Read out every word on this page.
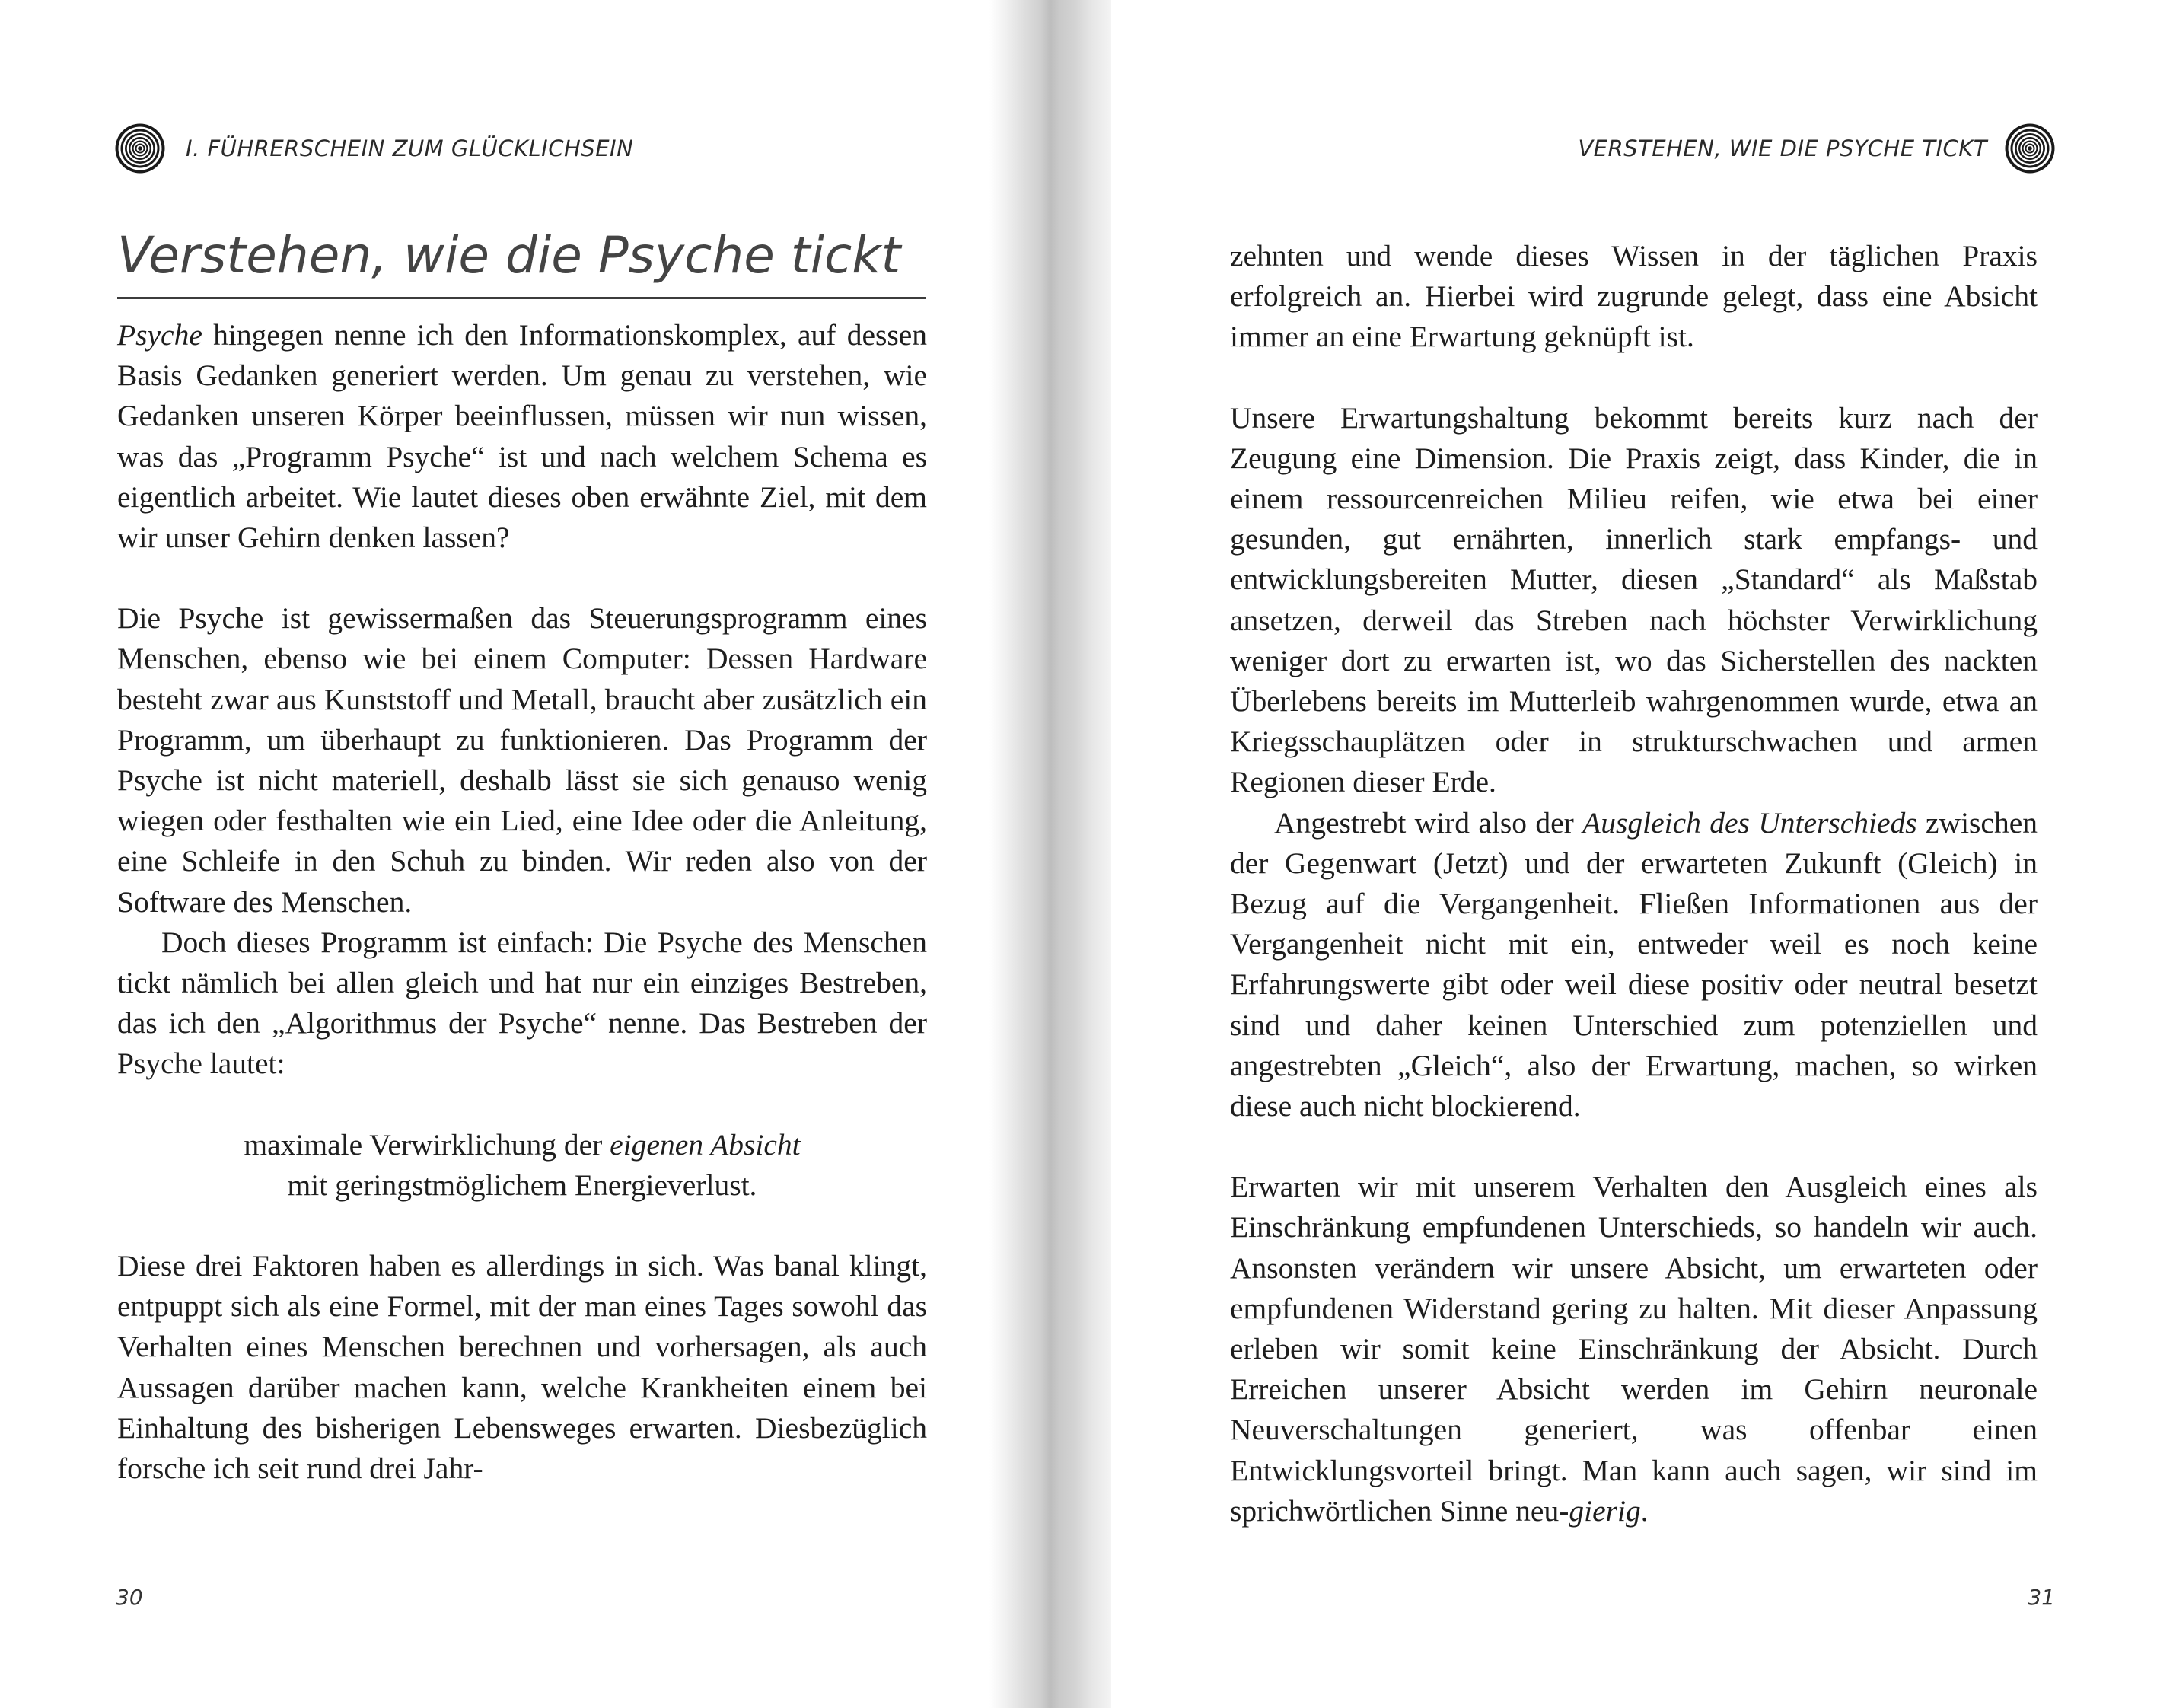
I. FÜHRERSCHEIN ZUM GLÜCKLICHSEIN
Verstehen, wie die Psyche tickt

Psyche hingegen nenne ich den Informationskomplex, auf dessen Basis Gedanken generiert werden. Um genau zu verstehen, wie Gedanken unseren Körper beeinflussen, müssen wir nun wissen, was das „Programm Psyche“ ist und nach welchem Schema es eigentlich arbeitet. Wie lautet dieses oben erwähnte Ziel, mit dem wir unser Gehirn denken lassen?

Die Psyche ist gewissermaßen das Steuerungsprogramm eines Menschen, ebenso wie bei einem Computer: Dessen Hardware besteht zwar aus Kunststoff und Metall, braucht aber zusätzlich ein Programm, um überhaupt zu funktionieren. Das Programm der Psyche ist nicht materiell, deshalb lässt sie sich genauso wenig wiegen oder festhalten wie ein Lied, eine Idee oder die Anleitung, eine Schleife in den Schuh zu binden. Wir reden also von der Software des Menschen.

Doch dieses Programm ist einfach: Die Psyche des Menschen tickt nämlich bei allen gleich und hat nur ein einziges Bestreben, das ich den „Algorithmus der Psyche“ nenne. Das Bestreben der Psyche lautet:

maximale Verwirklichung der eigenen Absicht

mit geringstmöglichem Energieverlust.

Diese drei Faktoren haben es allerdings in sich. Was banal klingt, entpuppt sich als eine Formel, mit der man eines Tages sowohl das Verhalten eines Menschen berechnen und vorhersagen, als auch Aussagen darüber machen kann, welche Krankheiten einem bei Einhaltung des bisherigen Lebensweges erwarten. Diesbezüglich forsche ich seit rund drei Jahr-

30
VERSTEHEN, WIE DIE PSYCHE TICKT

zehnten und wende dieses Wissen in der täglichen Praxis erfolgreich an. Hierbei wird zugrunde gelegt, dass eine Absicht immer an eine Erwartung geknüpft ist.

Unsere Erwartungshaltung bekommt bereits kurz nach der Zeugung eine Dimension. Die Praxis zeigt, dass Kinder, die in einem ressourcenreichen Milieu reifen, wie etwa bei einer gesunden, gut ernährten, innerlich stark empfangs- und entwicklungsbereiten Mutter, diesen „Standard“ als Maßstab ansetzen, derweil das Streben nach höchster Verwirklichung weniger dort zu erwarten ist, wo das Sicherstellen des nackten Überlebens bereits im Mutterleib wahrgenommen wurde, etwa an Kriegsschauplätzen oder in strukturschwachen und armen Regionen dieser Erde.

Angestrebt wird also der Ausgleich des Unterschieds zwischen der Gegenwart (Jetzt) und der erwarteten Zukunft (Gleich) in Bezug auf die Vergangenheit. Fließen Informationen aus der Vergangenheit nicht mit ein, entweder weil es noch keine Erfahrungswerte gibt oder weil diese positiv oder neutral besetzt sind und daher keinen Unterschied zum potenziellen und angestrebten „Gleich“, also der Erwartung, machen, so wirken diese auch nicht blockierend.

Erwarten wir mit unserem Verhalten den Ausgleich eines als Einschränkung empfundenen Unterschieds, so handeln wir auch. Ansonsten verändern wir unsere Absicht, um erwarteten oder empfundenen Widerstand gering zu halten. Mit dieser Anpassung erleben wir somit keine Einschränkung der Absicht. Durch Erreichen unserer Absicht werden im Gehirn neuronale Neuverschaltungen generiert, was offenbar einen Entwicklungsvorteil bringt. Man kann auch sagen, wir sind im sprichwörtlichen Sinne neu-gierig.

31
